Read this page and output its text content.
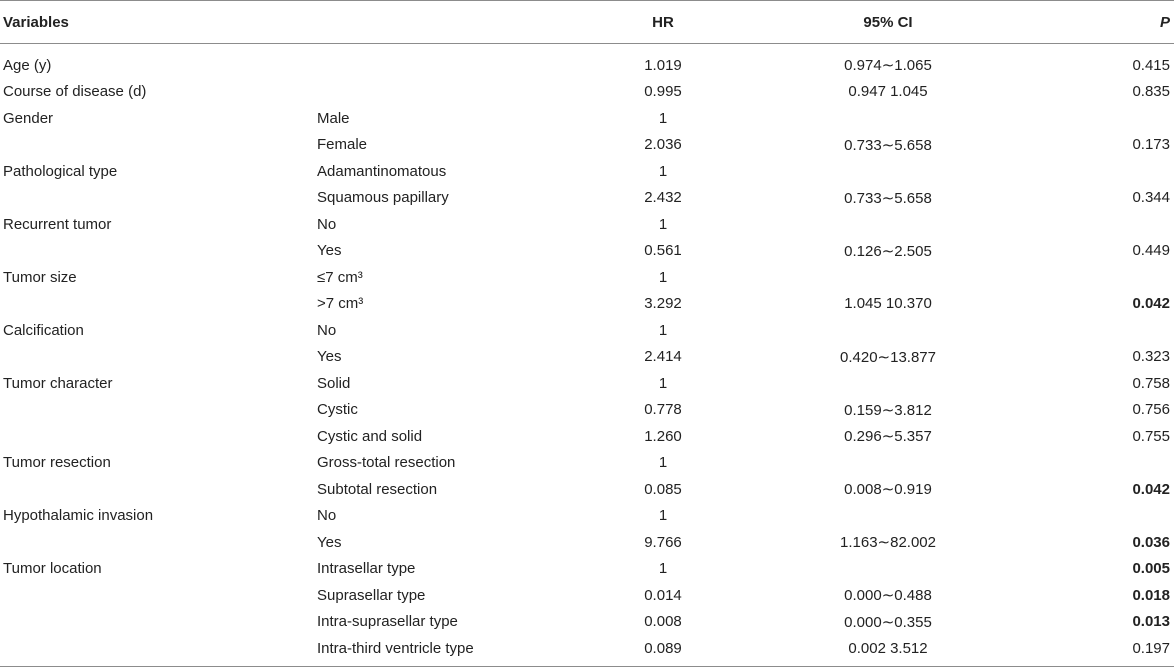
Variables		HR	95% CI	P
Age (y)		1.019	0.974∼1.065	0.415
Course of disease (d)		0.995	0.947 1.045	0.835
Gender	Male	1		
	Female	2.036	0.733∼5.658	0.173
Pathological type	Adamantinomatous	1		
	Squamous papillary	2.432	0.733∼5.658	0.344
Recurrent tumor	No	1		
	Yes	0.561	0.126∼2.505	0.449
Tumor size	≤7 cm³	1		
	>7 cm³	3.292	1.045 10.370	0.042
Calcification	No	1		
	Yes	2.414	0.420∼13.877	0.323
Tumor character	Solid	1		0.758
	Cystic	0.778	0.159∼3.812	0.756
	Cystic and solid	1.260	0.296∼5.357	0.755
Tumor resection	Gross-total resection	1		
	Subtotal resection	0.085	0.008∼0.919	0.042
Hypothalamic invasion	No	1		
	Yes	9.766	1.163∼82.002	0.036
Tumor location	Intrasellar type	1		0.005
	Suprasellar type	0.014	0.000∼0.488	0.018
	Intra-suprasellar type	0.008	0.000∼0.355	0.013
	Intra-third ventricle type	0.089	0.002 3.512	0.197
